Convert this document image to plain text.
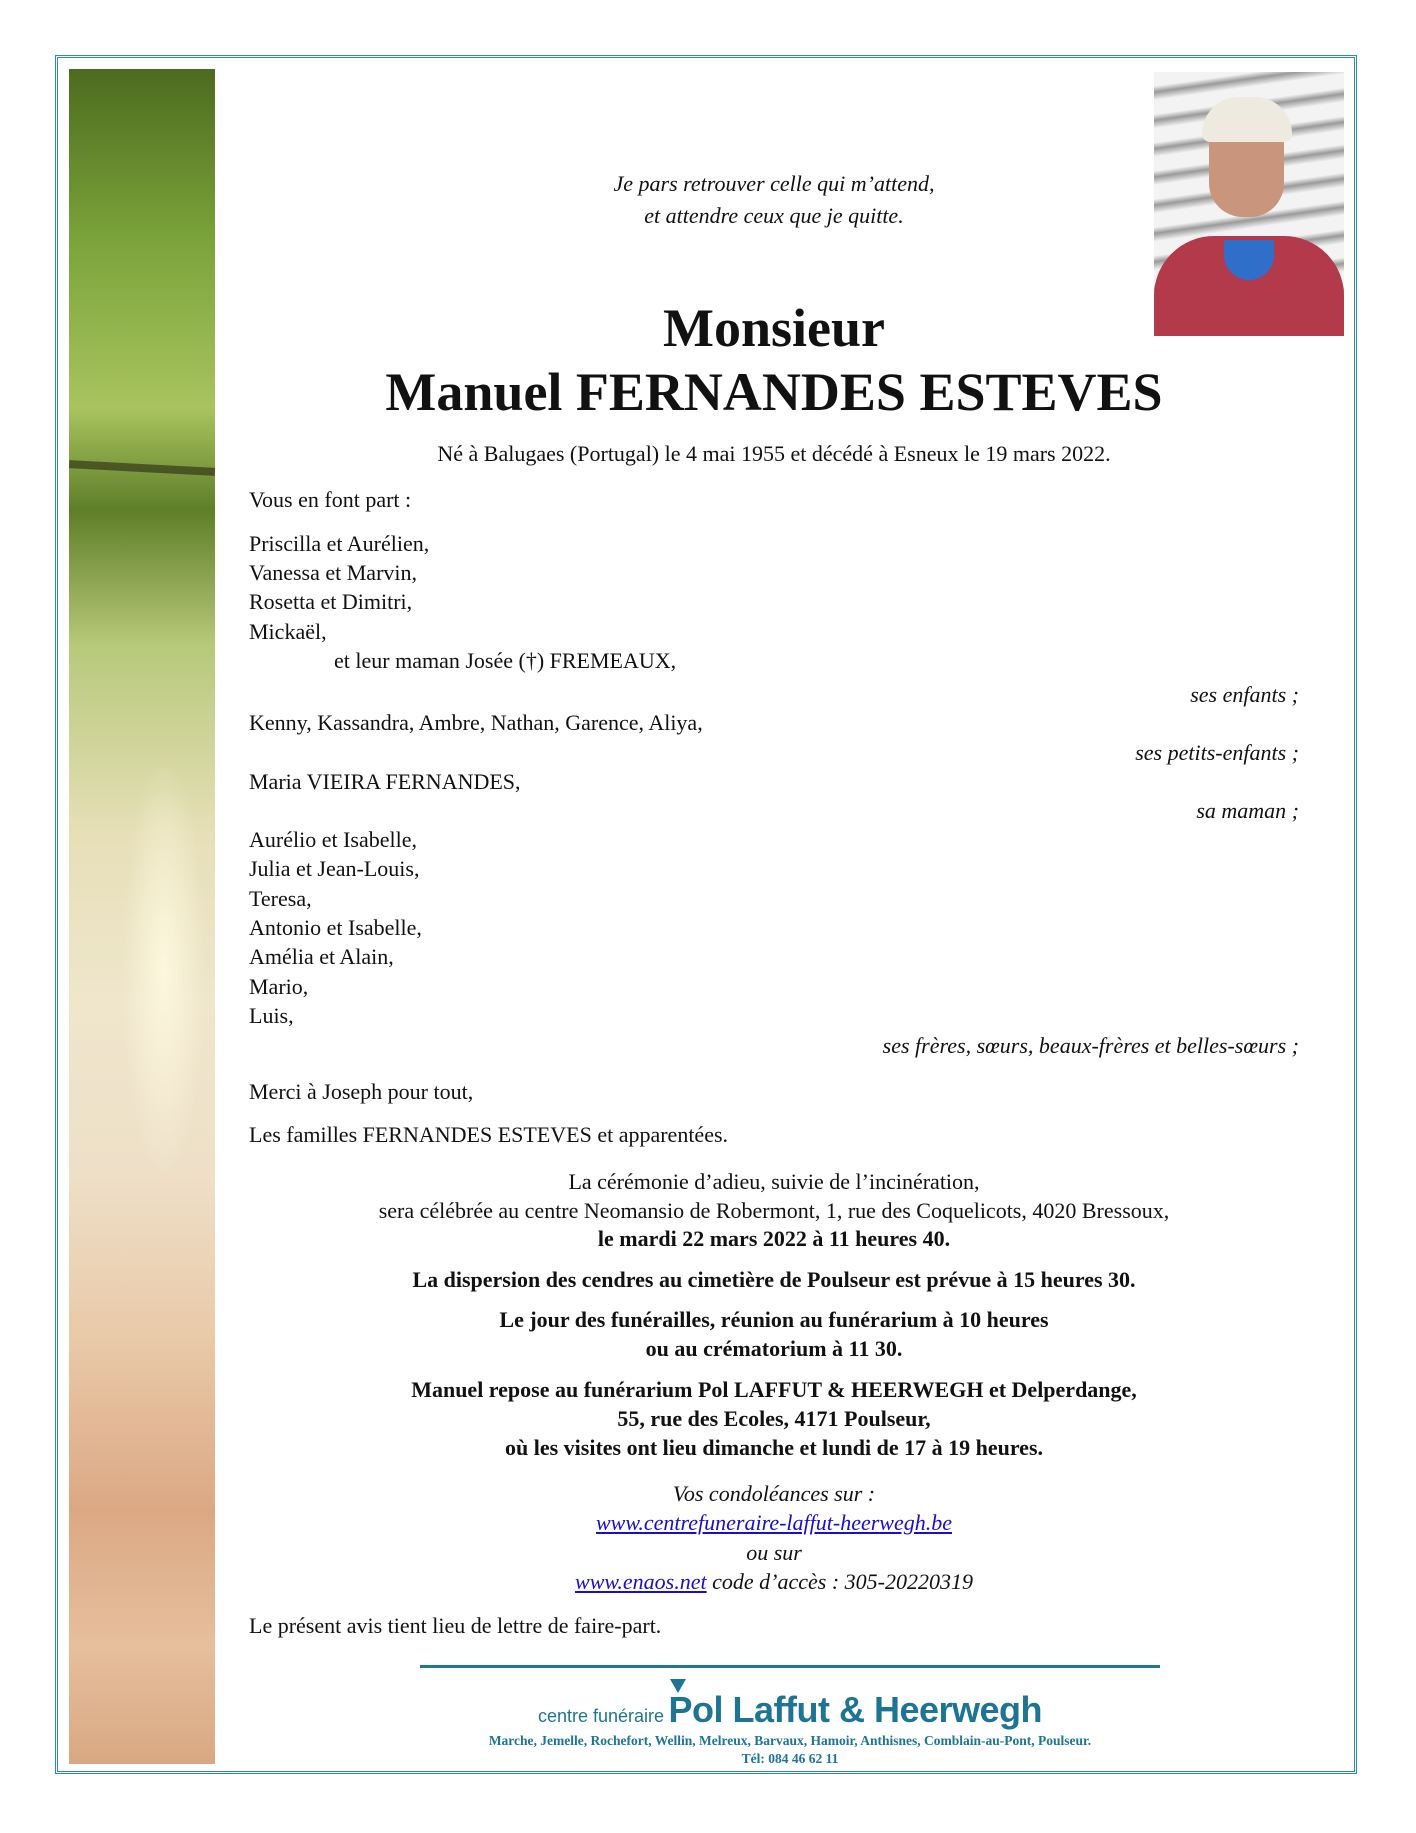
Je pars retrouver celle qui m’attend,
et attendre ceux que je quitte.
Monsieur
Manuel FERNANDES ESTEVES
Né à Balugaes (Portugal) le 4 mai 1955 et décédé à Esneux le 19 mars 2022.
Vous en font part :
Priscilla et Aurélien,
Vanessa et Marvin,
Rosetta et Dimitri,
Mickaël,
et leur maman Josée (†) FREMEAUX,
ses enfants ;
Kenny, Kassandra, Ambre, Nathan, Garence, Aliya,
ses petits-enfants ;
Maria VIEIRA FERNANDES,
sa maman ;
Aurélio et Isabelle,
Julia et Jean-Louis,
Teresa,
Antonio et Isabelle,
Amélia et Alain,
Mario,
Luis,
ses frères, sœurs, beaux-frères et belles-sœurs ;
Merci à Joseph pour tout,
Les familles FERNANDES ESTEVES et apparentées.
La cérémonie d’adieu, suivie de l’incinération,
sera célébrée au centre Neomansio de Robermont, 1, rue des Coquelicots, 4020 Bressoux,
le mardi 22 mars 2022 à 11 heures 40.
La dispersion des cendres au cimetière de Poulseur est prévue à 15 heures 30.
Le jour des funérailles, réunion au funérarium à 10 heures
ou au crématorium à 11 30.
Manuel repose au funérarium Pol LAFFUT & HEERWEGH et Delperdange,
55, rue des Ecoles, 4171 Poulseur,
où les visites ont lieu dimanche et lundi de 17 à 19 heures.
Vos condoléances sur :
www.centrefuneraire-laffut-heerwegh.be
ou sur
www.enaos.net code d’accès : 305-20220319
Le présent avis tient lieu de lettre de faire-part.
centre funéraire Pol Laffut & Heerwegh
Marche, Jemelle, Rochefort, Wellin, Melreux, Barvaux, Hamoir, Anthisnes, Comblain-au-Pont, Poulseur.
Tél: 084 46 62 11
